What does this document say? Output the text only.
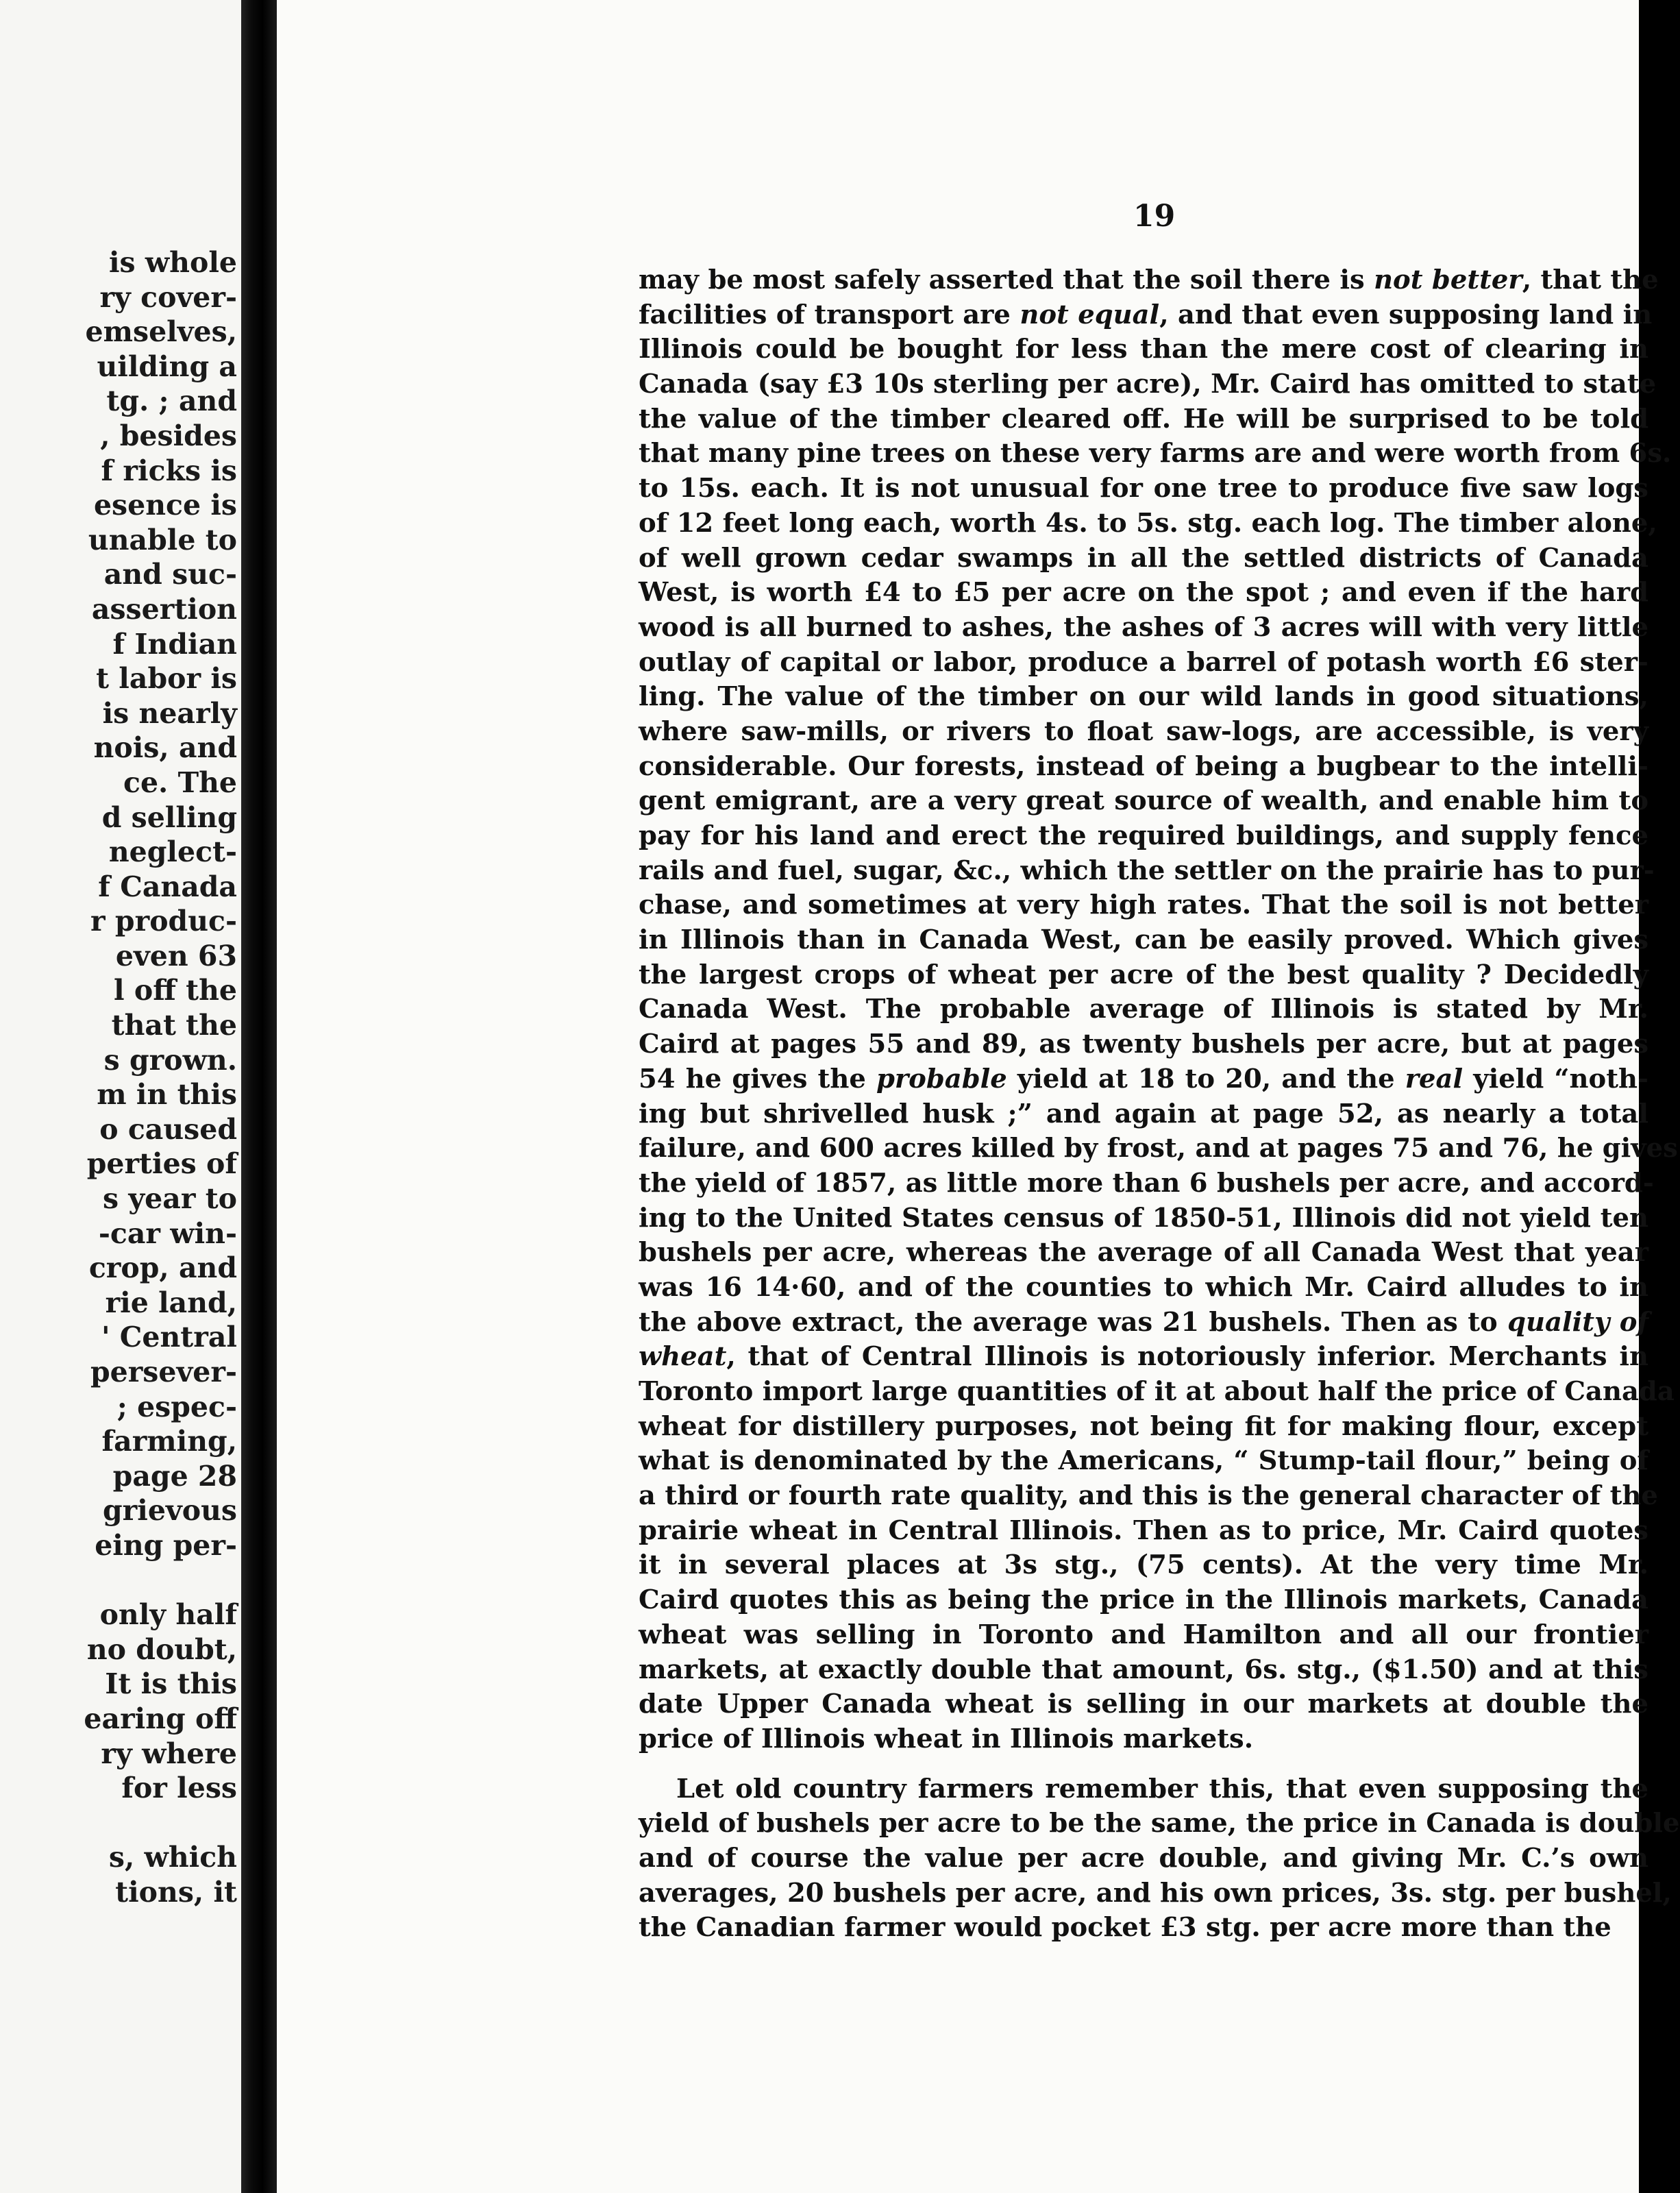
is whole
ry cover-
emselves,
uilding a
tg. ; and
, besides
f ricks is
esence is
unable to
and suc-
assertion
f Indian
t labor is
is nearly
nois, and
ce. The
d selling
neglect-
f Canada
r produc-
even 63
l off the
that the
s grown.
m in this
o caused
perties of
s year to
-car win-
crop, and
rie land,
' Central
persever-
; espec-
farming,
page 28
grievous
eing per-
only half
no doubt,
It is this
earing off
ry where
for less
s, which
tions, it
19
may be most safely asserted that the soil there is not better, that the
facilities of transport are not equal, and that even supposing land in
Illinois could be bought for less than the mere cost of clearing in
Canada (say £3 10s sterling per acre), Mr. Caird has omitted to state
the value of the timber cleared off. He will be surprised to be told
that many pine trees on these very farms are and were worth from 6s.
to 15s. each. It is not unusual for one tree to produce five saw logs
of 12 feet long each, worth 4s. to 5s. stg. each log. The timber alone,
of well grown cedar swamps in all the settled districts of Canada
West, is worth £4 to £5 per acre on the spot ; and even if the hard
wood is all burned to ashes, the ashes of 3 acres will with very little
outlay of capital or labor, produce a barrel of potash worth £6 ster-
ling. The value of the timber on our wild lands in good situations,
where saw-mills, or rivers to float saw-logs, are accessible, is very
considerable. Our forests, instead of being a bugbear to the intelli-
gent emigrant, are a very great source of wealth, and enable him to
pay for his land and erect the required buildings, and supply fence
rails and fuel, sugar, &c., which the settler on the prairie has to pur-
chase, and sometimes at very high rates. That the soil is not better
in Illinois than in Canada West, can be easily proved. Which gives
the largest crops of wheat per acre of the best quality ? Decidedly
Canada West. The probable average of Illinois is stated by Mr.
Caird at pages 55 and 89, as twenty bushels per acre, but at pages
54 he gives the probable yield at 18 to 20, and the real yield “noth-
ing but shrivelled husk ;” and again at page 52, as nearly a total
failure, and 600 acres killed by frost, and at pages 75 and 76, he gives
the yield of 1857, as little more than 6 bushels per acre, and accord-
ing to the United States census of 1850-51, Illinois did not yield ten
bushels per acre, whereas the average of all Canada West that year
was 16 14·60, and of the counties to which Mr. Caird alludes to in
the above extract, the average was 21 bushels. Then as to quality of
wheat, that of Central Illinois is notoriously inferior. Merchants in
Toronto import large quantities of it at about half the price of Canada
wheat for distillery purposes, not being fit for making flour, except
what is denominated by the Americans, “ Stump-tail flour,” being of
a third or fourth rate quality, and this is the general character of the
prairie wheat in Central Illinois. Then as to price, Mr. Caird quotes
it in several places at 3s stg., (75 cents). At the very time Mr.
Caird quotes this as being the price in the Illinois markets, Canada
wheat was selling in Toronto and Hamilton and all our frontier
markets, at exactly double that amount, 6s. stg., ($1.50) and at this
date Upper Canada wheat is selling in our markets at double the
price of Illinois wheat in Illinois markets.
Let old country farmers remember this, that even supposing the
yield of bushels per acre to be the same, the price in Canada is double
and of course the value per acre double, and giving Mr. C.’s own
averages, 20 bushels per acre, and his own prices, 3s. stg. per bushel,
the Canadian farmer would pocket £3 stg. per acre more than the
